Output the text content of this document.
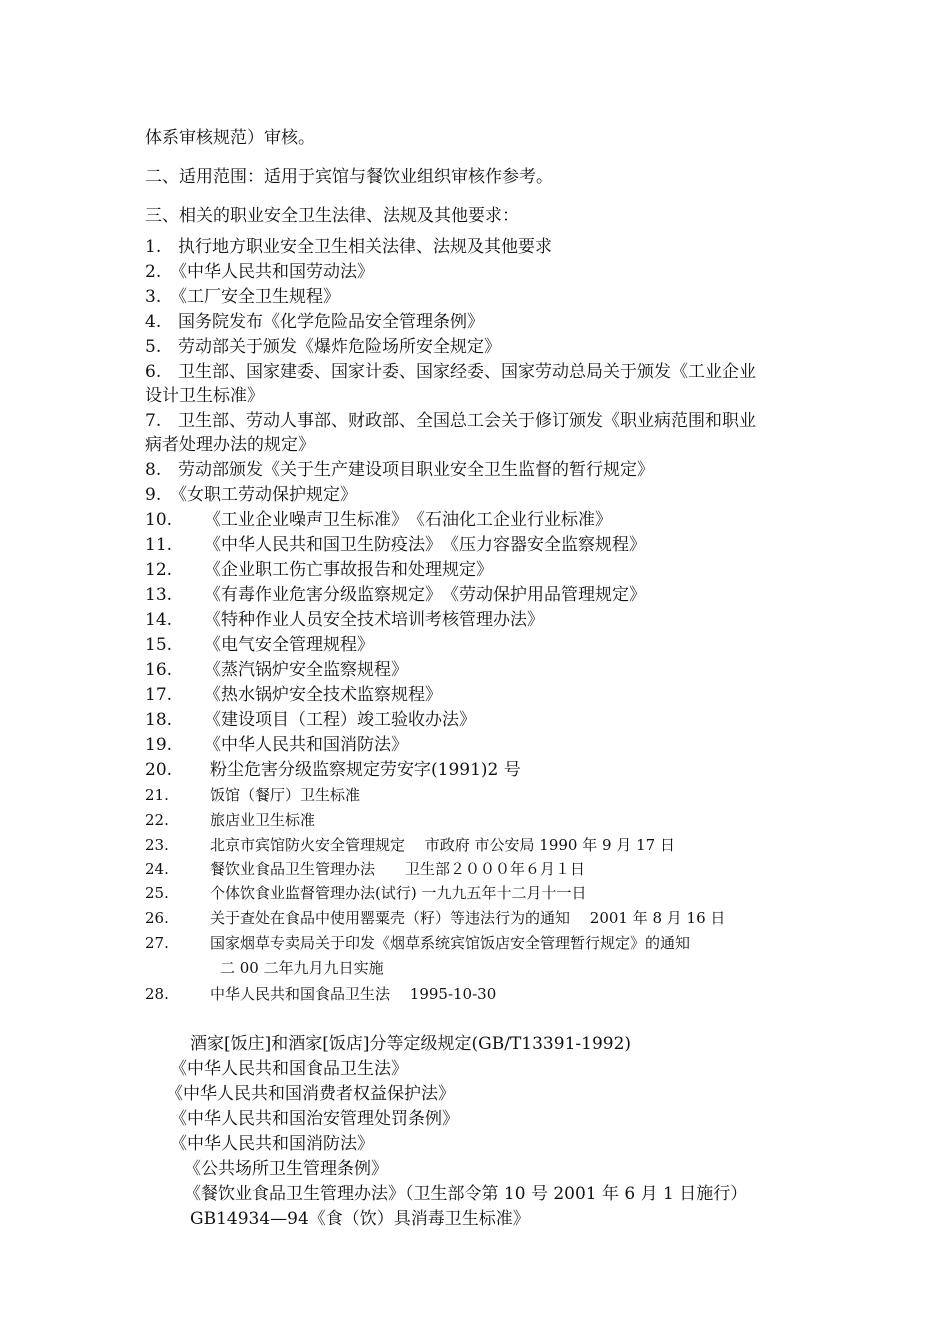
体系审核规范）审核。
二、适用范围：适用于宾馆与餐饮业组织审核作参考。
三、相关的职业安全卫生法律、法规及其他要求：
1. 执行地方职业安全卫生相关法律、法规及其他要求
2. 《中华人民共和国劳动法》
3. 《工厂安全卫生规程》
4. 国务院发布《化学危险品安全管理条例》
5. 劳动部关于颁发《爆炸危险场所安全规定》
6. 卫生部、国家建委、国家计委、国家经委、国家劳动总局关于颁发《工业企业
设计卫生标准》
7. 卫生部、劳动人事部、财政部、全国总工会关于修订颁发《职业病范围和职业
病者处理办法的规定》
8. 劳动部颁发《关于生产建设项目职业安全卫生监督的暂行规定》
9. 《女职工劳动保护规定》
10. 《工业企业噪声卫生标准》　《石油化工企业行业标准》
11. 《中华人民共和国卫生防疫法》　《压力容器安全监察规程》
12. 《企业职工伤亡事故报告和处理规定》
13. 《有毒作业危害分级监察规定》　《劳动保护用品管理规定》
14. 《特种作业人员安全技术培训考核管理办法》
15. 《电气安全管理规程》
16. 《蒸汽锅炉安全监察规程》
17. 《热水锅炉安全技术监察规程》
18. 《建设项目（工程）竣工验收办法》
19. 《中华人民共和国消防法》
20. 粉尘危害分级监察规定劳安字(1991)2 号
21.	饭馆（餐厅）卫生标准
22.	旅店业卫生标准
23.	北京市宾馆防火安全管理规定　 市政府 市公安局 1990 年 9 月 17 日
24.	餐饮业食品卫生管理办法　　卫生部２０００年６月１日
25.	个体饮食业监督管理办法(试行) 一九九五年十二月十一日
26.	关于查处在食品中使用罂粟壳（籽）等违法行为的通知　 2001 年 8 月 16 日
27.	国家烟草专卖局关于印发《烟草系统宾馆饭店安全管理暂行规定》的通知
二 00 二年九月九日实施
28.	中华人民共和国食品卫生法　 1995-10-30
酒家[饭庄]和酒家[饭店]分等定级规定(GB/T13391-1992)
《中华人民共和国食品卫生法》
《中华人民共和国消费者权益保护法》
《中华人民共和国治安管理处罚条例》
《中华人民共和国消防法》
《公共场所卫生管理条例》
《餐饮业食品卫生管理办法》（卫生部令第 10 号 2001 年 6 月 1 日施行）
GB14934—94《食（饮）具消毒卫生标准》
